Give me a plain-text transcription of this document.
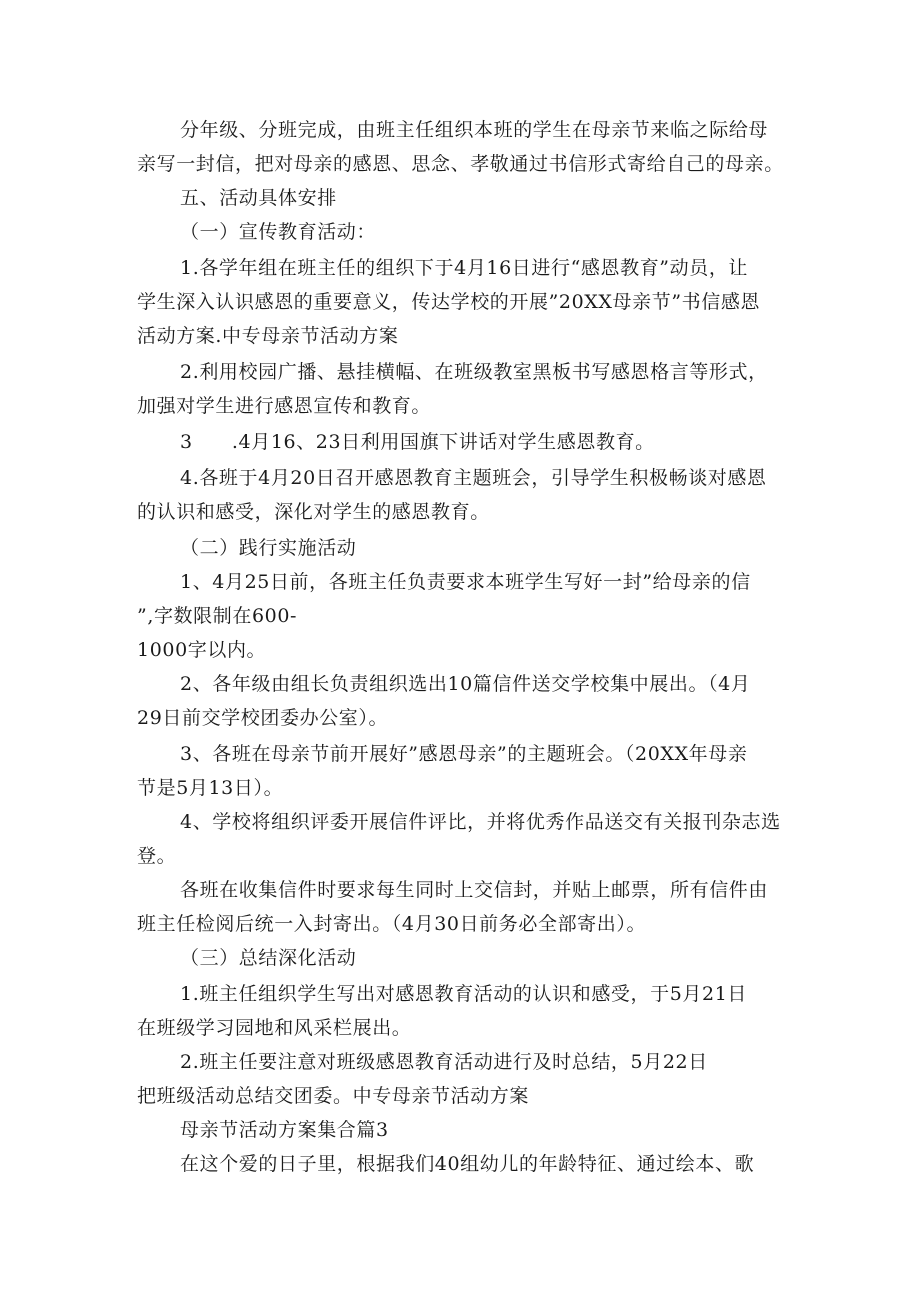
分年级、分班完成，由班主任组织本班的学生在母亲节来临之际给母
亲写一封信，把对母亲的感恩、思念、孝敬通过书信形式寄给自己的母亲。
五、活动具体安排
（一）宣传教育活动：
1.各学年组在班主任的组织下于4月16日进行“感恩教育”动员，让
学生深入认识感恩的重要意义，传达学校的开展”20XX母亲节”书信感恩
活动方案.中专母亲节活动方案
2.利用校园广播、悬挂横幅、在班级教室黑板书写感恩格言等形式，
加强对学生进行感恩宣传和教育。
3　　.4月16、23日利用国旗下讲话对学生感恩教育。
4.各班于4月20日召开感恩教育主题班会，引导学生积极畅谈对感恩
的认识和感受，深化对学生的感恩教育。
（二）践行实施活动
1、4月25日前，各班主任负责要求本班学生写好一封”给母亲的信
”,字数限制在600-
1000字以内。
2、各年级由组长负责组织选出10篇信件送交学校集中展出。（4月
29日前交学校团委办公室）。
3、各班在母亲节前开展好”感恩母亲”的主题班会。（20XX年母亲
节是5月13日）。
4、学校将组织评委开展信件评比，并将优秀作品送交有关报刊杂志选
登。
各班在收集信件时要求每生同时上交信封，并贴上邮票，所有信件由
班主任检阅后统一入封寄出。（4月30日前务必全部寄出）。
（三）总结深化活动
1.班主任组织学生写出对感恩教育活动的认识和感受，于5月21日
在班级学习园地和风采栏展出。
2.班主任要注意对班级感恩教育活动进行及时总结，5月22日
把班级活动总结交团委。中专母亲节活动方案
母亲节活动方案集合篇3
在这个爱的日子里，根据我们40组幼儿的年龄特征、通过绘本、歌
